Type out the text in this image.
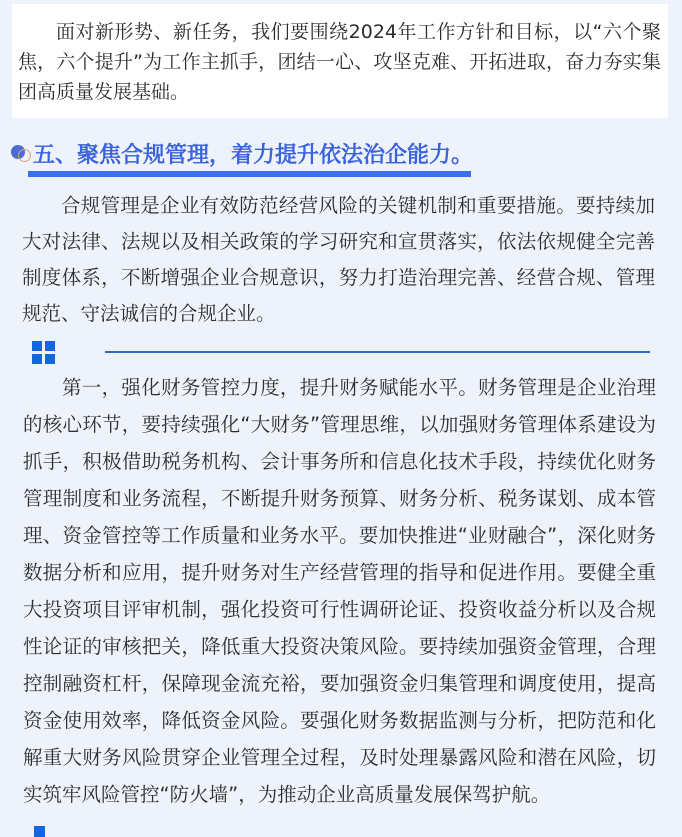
面对新形势、新任务，我们要围绕2024年工作方针和目标，以“六个聚焦，六个提升”为工作主抓手，团结一心、攻坚克难、开拓进取，奋力夯实集团高质量发展基础。

五、聚焦合规管理，着力提升依法治企能力。

合规管理是企业有效防范经营风险的关键机制和重要措施。要持续加大对法律、法规以及相关政策的学习研究和宣贯落实，依法依规健全完善制度体系，不断增强企业合规意识，努力打造治理完善、经营合规、管理规范、守法诚信的合规企业。

第一，强化财务管控力度，提升财务赋能水平。财务管理是企业治理的核心环节，要持续强化“大财务”管理思维，以加强财务管理体系建设为抓手，积极借助税务机构、会计事务所和信息化技术手段，持续优化财务管理制度和业务流程，不断提升财务预算、财务分析、税务谋划、成本管理、资金管控等工作质量和业务水平。要加快推进“业财融合”，深化财务数据分析和应用，提升财务对生产经营管理的指导和促进作用。要健全重大投资项目评审机制，强化投资可行性调研论证、投资收益分析以及合规性论证的审核把关，降低重大投资决策风险。要持续加强资金管理，合理控制融资杠杆，保障现金流充裕，要加强资金归集管理和调度使用，提高资金使用效率，降低资金风险。要强化财务数据监测与分析，把防范和化解重大财务风险贯穿企业管理全过程，及时处理暴露风险和潜在风险，切实筑牢风险管控“防火墙”，为推动企业高质量发展保驾护航。
